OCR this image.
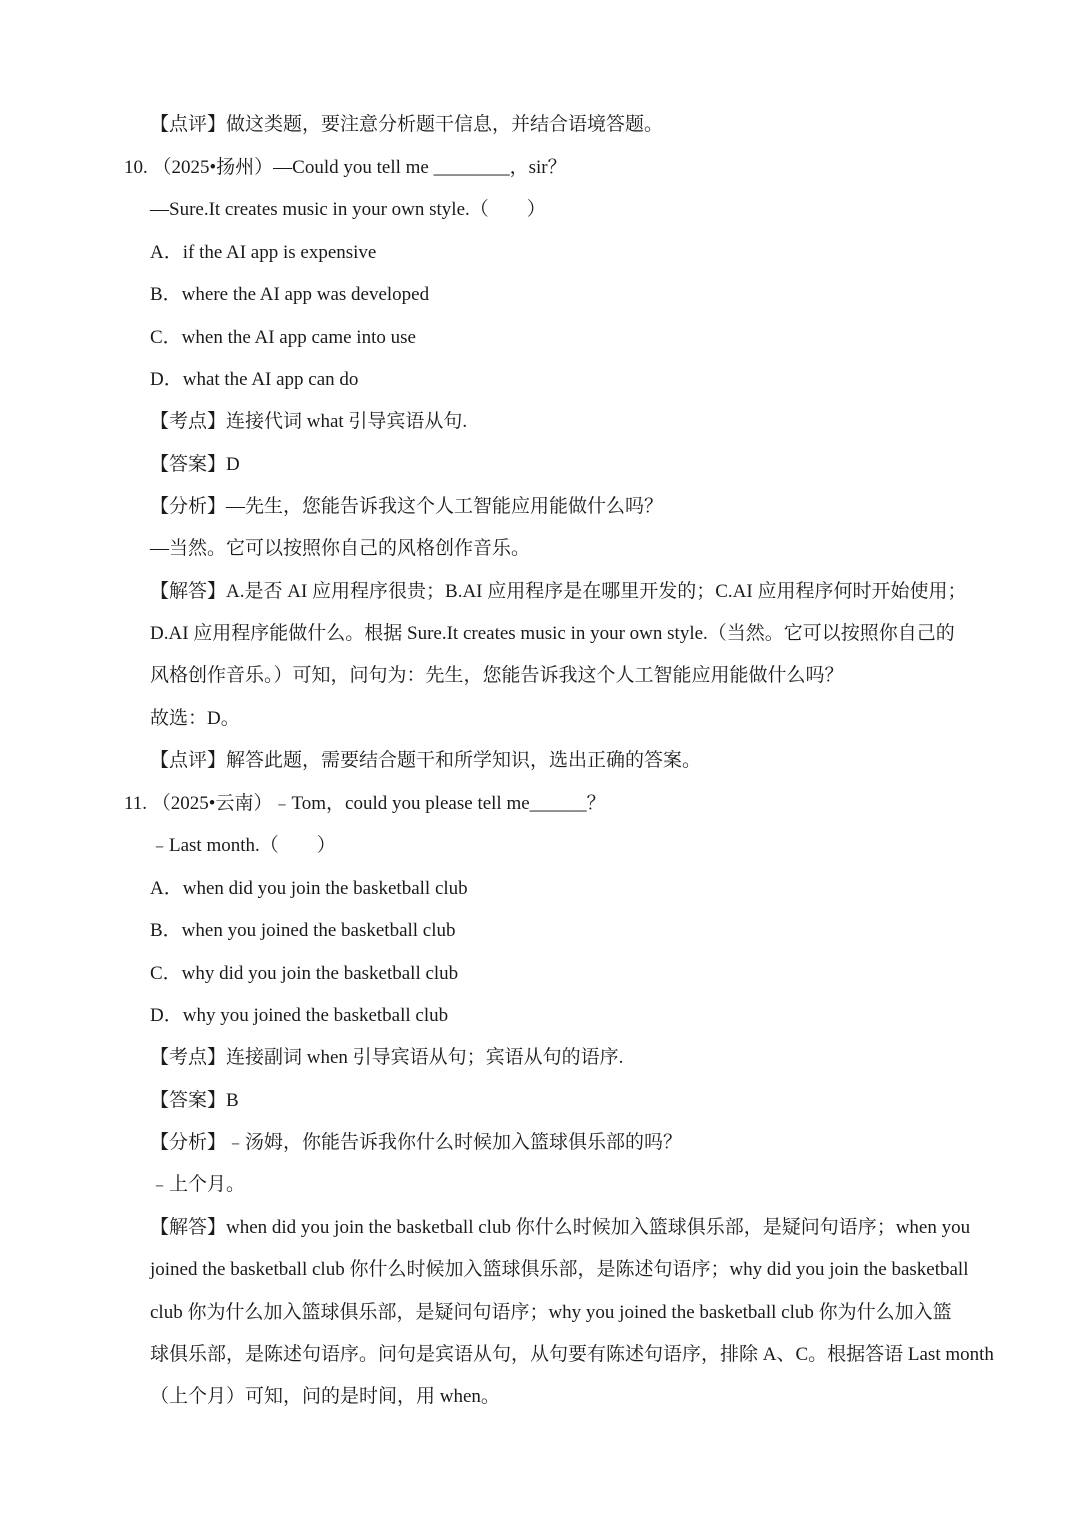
【点评】做这类题，要注意分析题干信息，并结合语境答题。
10. （2025•扬州）—Could you tell me ________，sir？
—Sure.It creates music in your own style.（　　）
A．if the AI app is expensive
B．where the AI app was developed
C．when the AI app came into use
D．what the AI app can do
【考点】连接代词 what 引导宾语从句.
【答案】D
【分析】—先生，您能告诉我这个人工智能应用能做什么吗？
—当然。它可以按照你自己的风格创作音乐。
【解答】A.是否 AI 应用程序很贵；B.AI 应用程序是在哪里开发的；C.AI 应用程序何时开始使用；
D.AI 应用程序能做什么。根据 Sure.It creates music in your own style.（当然。它可以按照你自己的
风格创作音乐。）可知，问句为：先生，您能告诉我这个人工智能应用能做什么吗？
故选：D。
【点评】解答此题，需要结合题干和所学知识，选出正确的答案。
11. （2025•云南）﹣Tom，could you please tell me______？
﹣Last month.（　　）
A．when did you join the basketball club
B．when you joined the basketball club
C．why did you join the basketball club
D．why you joined the basketball club
【考点】连接副词 when 引导宾语从句；宾语从句的语序.
【答案】B
【分析】﹣汤姆，你能告诉我你什么时候加入篮球俱乐部的吗？
﹣上个月。
【解答】when did you join the basketball club 你什么时候加入篮球俱乐部，是疑问句语序；when you
joined the basketball club 你什么时候加入篮球俱乐部，是陈述句语序；why did you join the basketball
club 你为什么加入篮球俱乐部，是疑问句语序；why you joined the basketball club 你为什么加入篮
球俱乐部，是陈述句语序。问句是宾语从句，从句要有陈述句语序，排除 A、C。根据答语 Last month
（上个月）可知，问的是时间，用 when。
